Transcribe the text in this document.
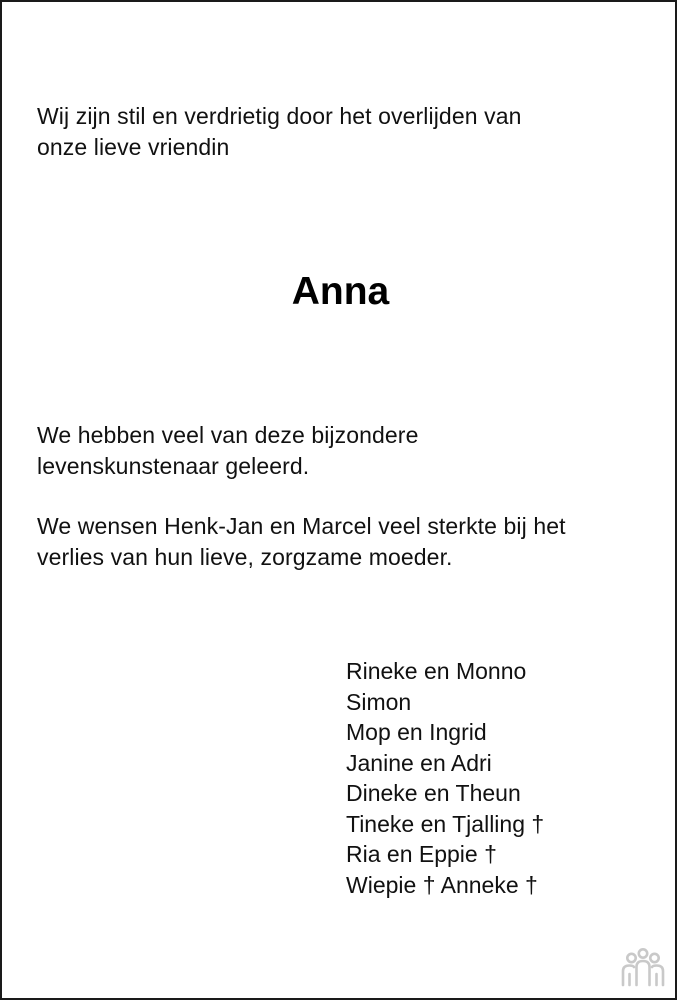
Wij zijn stil en verdrietig door het overlijden van
onze lieve vriendin

Anna

We hebben veel van deze bijzondere
levenskunstenaar geleerd.

We wensen Henk-Jan en Marcel veel sterkte bij het
verlies van hun lieve, zorgzame moeder.

Rineke en Monno
Simon
Mop en Ingrid
Janine en Adri
Dineke en Theun
Tineke en Tjalling †
Ria en Eppie †
Wiepie † Anneke †
